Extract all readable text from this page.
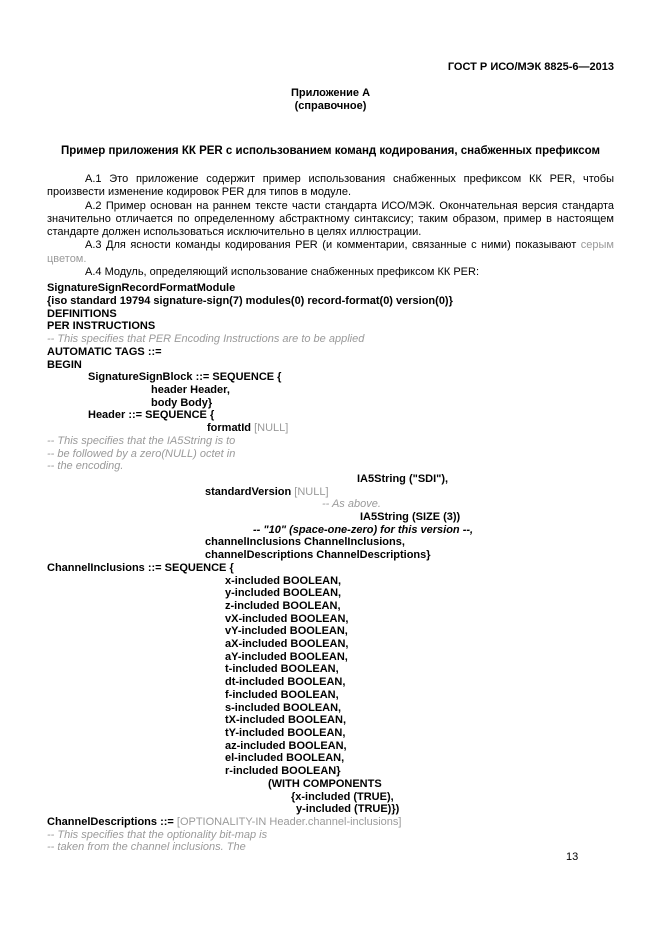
ГОСТ Р ИСО/МЭК 8825-6—2013
Приложение А
(справочное)
Пример приложения КК PER с использованием команд кодирования, снабженных префиксом
А.1 Это приложение содержит пример использования снабженных префиксом КК PER, чтобы произвести изменение кодировок PER для типов в модуле.
А.2 Пример основан на раннем тексте части стандарта ИСО/МЭК. Окончательная версия стандарта значительно отличается по определенному абстрактному синтаксису; таким образом, пример в настоящем стандарте должен использоваться исключительно в целях иллюстрации.
А.3 Для ясности команды кодирования PER (и комментарии, связанные с ними) показывают серым цветом.
А.4 Модуль, определяющий использование снабженных префиксом КК PER:
SignatureSignRecordFormatModule
{iso standard 19794 signature-sign(7) modules(0) record-format(0) version(0)}
DEFINITIONS
PER INSTRUCTIONS
-- This specifies that PER Encoding Instructions are to be applied
AUTOMATIC TAGS ::=
BEGIN
SignatureSignBlock ::= SEQUENCE {
header Header,
body Body}
Header ::= SEQUENCE {
formatId [NULL]
-- This specifies that the IA5String is to
-- be followed by a zero(NULL) octet in
-- the encoding.
IA5String ("SDI"),
standardVersion [NULL]
-- As above.
IA5String (SIZE (3))
-- "10" (space-one-zero) for this version --,
channelInclusions ChannelInclusions,
channelDescriptions ChannelDescriptions}
ChannelInclusions ::= SEQUENCE {
x-included BOOLEAN,
y-included BOOLEAN,
z-included BOOLEAN,
vX-included BOOLEAN,
vY-included BOOLEAN,
aX-included BOOLEAN,
aY-included BOOLEAN,
t-included BOOLEAN,
dt-included BOOLEAN,
f-included BOOLEAN,
s-included BOOLEAN,
tX-included BOOLEAN,
tY-included BOOLEAN,
az-included BOOLEAN,
el-included BOOLEAN,
r-included BOOLEAN}
(WITH COMPONENTS
{x-included (TRUE),
y-included (TRUE)})
ChannelDescriptions ::= [OPTIONALITY-IN Header.channel-inclusions]
-- This specifies that the optionality bit-map is
-- taken from the channel inclusions. The
13
